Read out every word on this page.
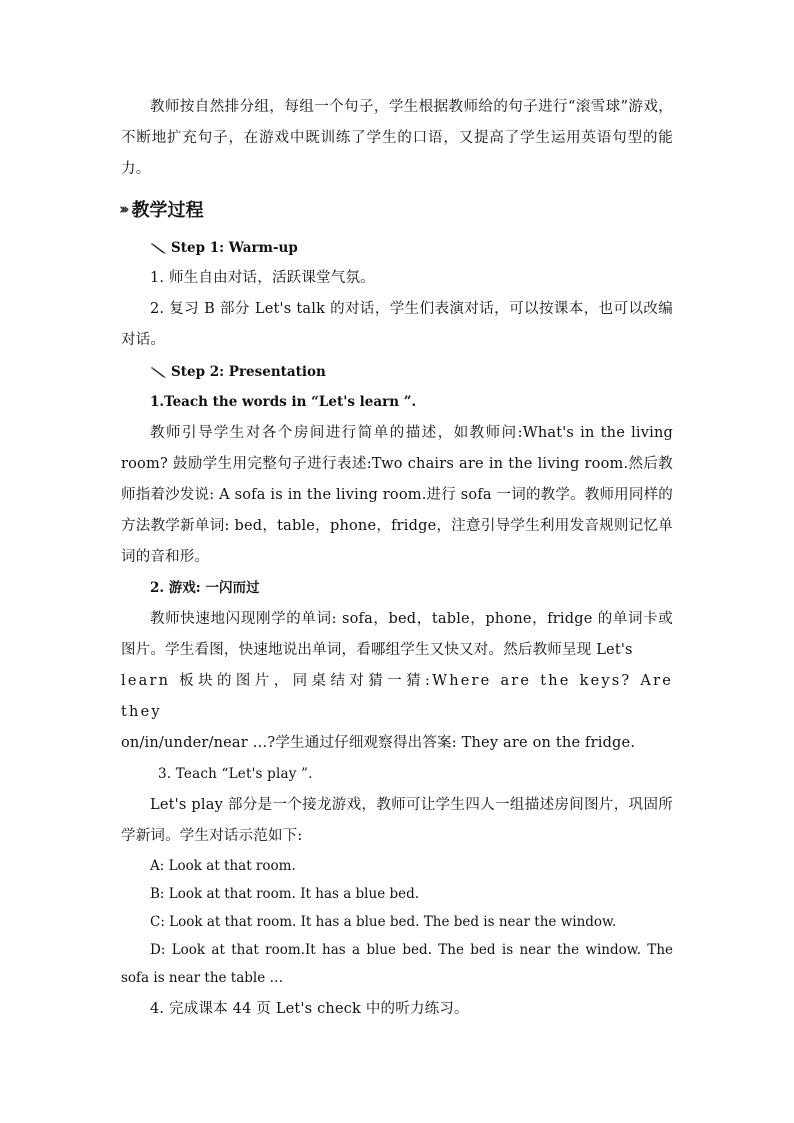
教师按自然排分组，每组一个句子，学生根据教师给的句子进行“滚雪球”游戏，不断地扩充句子，在游戏中既训练了学生的口语，又提高了学生运用英语句型的能力。

››› 教学过程
Step 1: Warm-up

1. 师生自由对话，活跃课堂气氛。

2. 复习 B 部分 Let's talk 的对话，学生们表演对话，可以按课本，也可以改编对话。

Step 2: Presentation

1.Teach the words in “Let's learn ”.

教师引导学生对各个房间进行简单的描述，如教师问:What's in the living room? 鼓励学生用完整句子进行表述:Two chairs are in the living room.然后教师指着沙发说: A sofa is in the living room.进行 sofa 一词的教学。教师用同样的方法教学新单词: bed，table，phone，fridge，注意引导学生利用发音规则记忆单词的音和形。

2. 游戏: 一闪而过

教师快速地闪现刚学的单词: sofa，bed，table，phone，fridge 的单词卡或图片。学生看图，快速地说出单词，看哪组学生又快又对。然后教师呈现 Let's

learn 板块的图片，同桌结对猜一猜:Where are the keys? Are they

on/in/under/near …?学生通过仔细观察得出答案: They are on the fridge.

3. Teach “Let's play ”.

Let's play 部分是一个接龙游戏，教师可让学生四人一组描述房间图片，巩固所学新词。学生对话示范如下:

A: Look at that room.

B: Look at that room. It has a blue bed.

C: Look at that room. It has a blue bed. The bed is near the window.

D: Look at that room.It has a blue bed. The bed is near the window. The sofa is near the table …

4. 完成课本 44 页 Let's check 中的听力练习。
